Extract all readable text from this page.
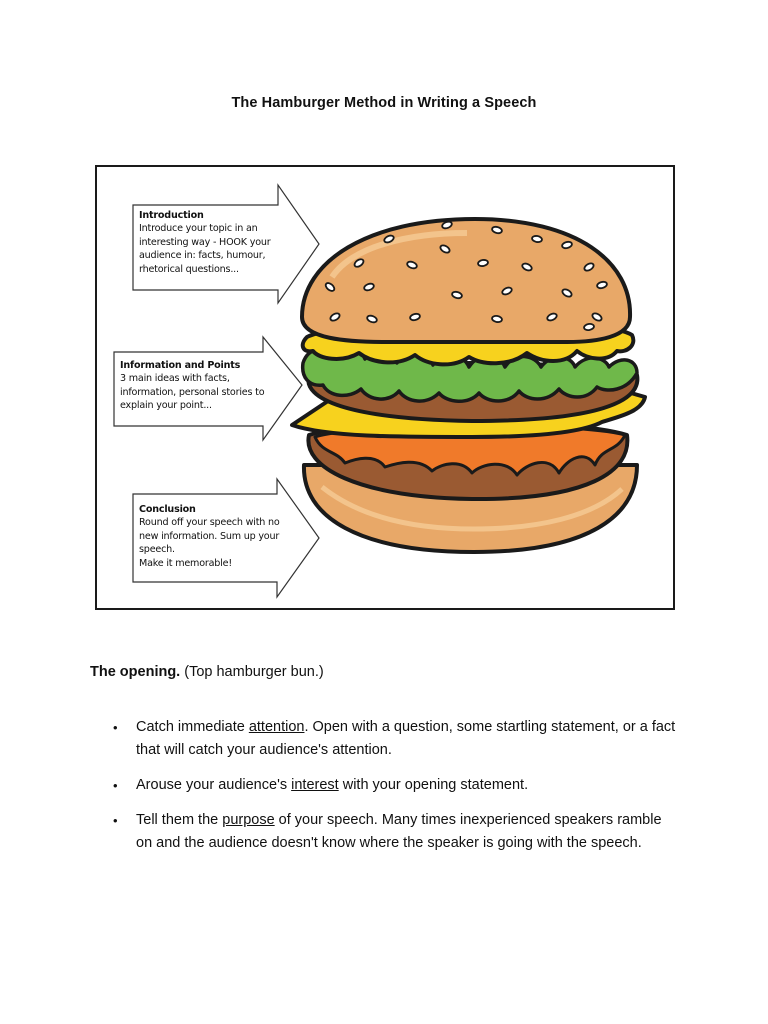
The Hamburger Method in Writing a Speech
Introduction
Introduce your topic in an
interesting way - HOOK your
audience in: facts, humour,
rhetorical questions...
Information and Points
3 main ideas with facts,
information, personal stories to
explain your point...
Conclusion
Round off your speech with no
new information. Sum up your
speech.
Make it memorable!

The opening. (Top hamburger bun.)

• Catch immediate attention. Open with a question, some startling statement, or a fact that will catch your audience's attention.
• Arouse your audience's interest with your opening statement.
• Tell them the purpose of your speech. Many times inexperienced speakers ramble on and the audience doesn't know where the speaker is going with the speech.
